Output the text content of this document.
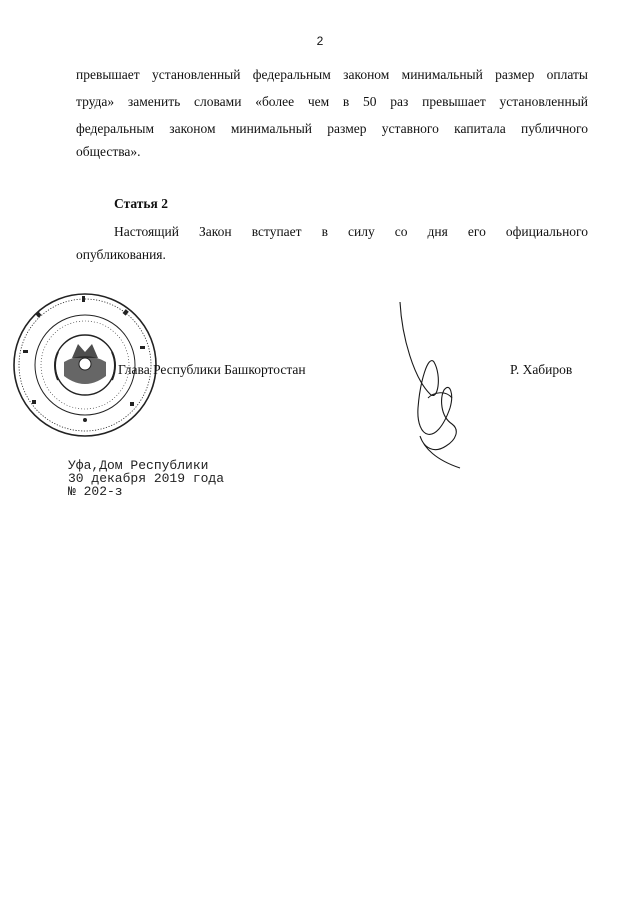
2
превышает установленный федеральным законом минимальный размер оплаты
труда» заменить словами «более чем в 50 раз превышает установленный
федеральным законом минимальный размер уставного капитала публичного
общества».
Статья 2
Настоящий Закон вступает в силу со дня его официального
опубликования.
Глава Республики Башкортостан	Р. Хабиров
Уфа,Дом Республики
30 декабря 2019 года
№ 202-з
